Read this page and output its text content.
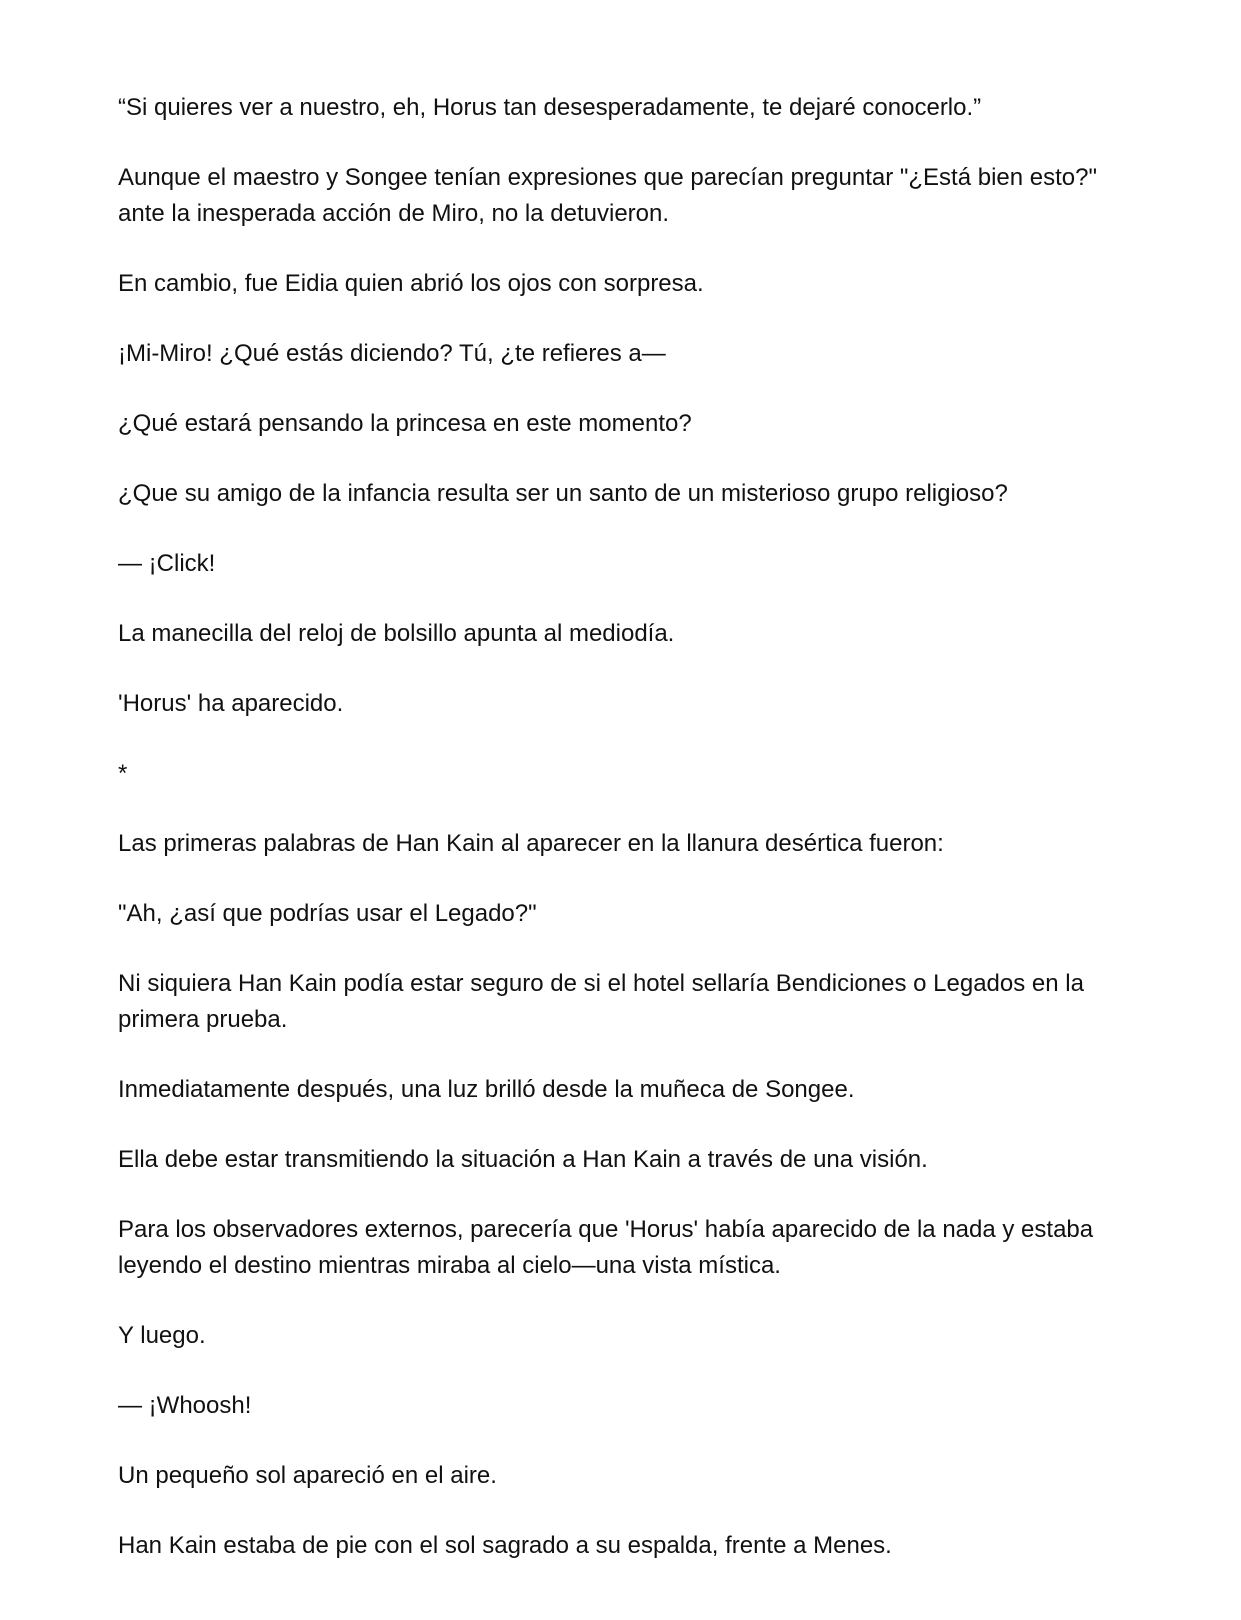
“Si quieres ver a nuestro, eh, Horus tan desesperadamente, te dejaré conocerlo.”

Aunque el maestro y Songee tenían expresiones que parecían preguntar "¿Está bien esto?" ante la inesperada acción de Miro, no la detuvieron.

En cambio, fue Eidia quien abrió los ojos con sorpresa.

¡Mi-Miro! ¿Qué estás diciendo? Tú, ¿te refieres a—

¿Qué estará pensando la princesa en este momento?

¿Que su amigo de la infancia resulta ser un santo de un misterioso grupo religioso?

— ¡Click!

La manecilla del reloj de bolsillo apunta al mediodía.

'Horus' ha aparecido.

*

Las primeras palabras de Han Kain al aparecer en la llanura desértica fueron:

"Ah, ¿así que podrías usar el Legado?"

Ni siquiera Han Kain podía estar seguro de si el hotel sellaría Bendiciones o Legados en la primera prueba.

Inmediatamente después, una luz brilló desde la muñeca de Songee.

Ella debe estar transmitiendo la situación a Han Kain a través de una visión.

Para los observadores externos, parecería que 'Horus' había aparecido de la nada y estaba leyendo el destino mientras miraba al cielo—una vista mística.

Y luego.

— ¡Whoosh!

Un pequeño sol apareció en el aire.

Han Kain estaba de pie con el sol sagrado a su espalda, frente a Menes.
